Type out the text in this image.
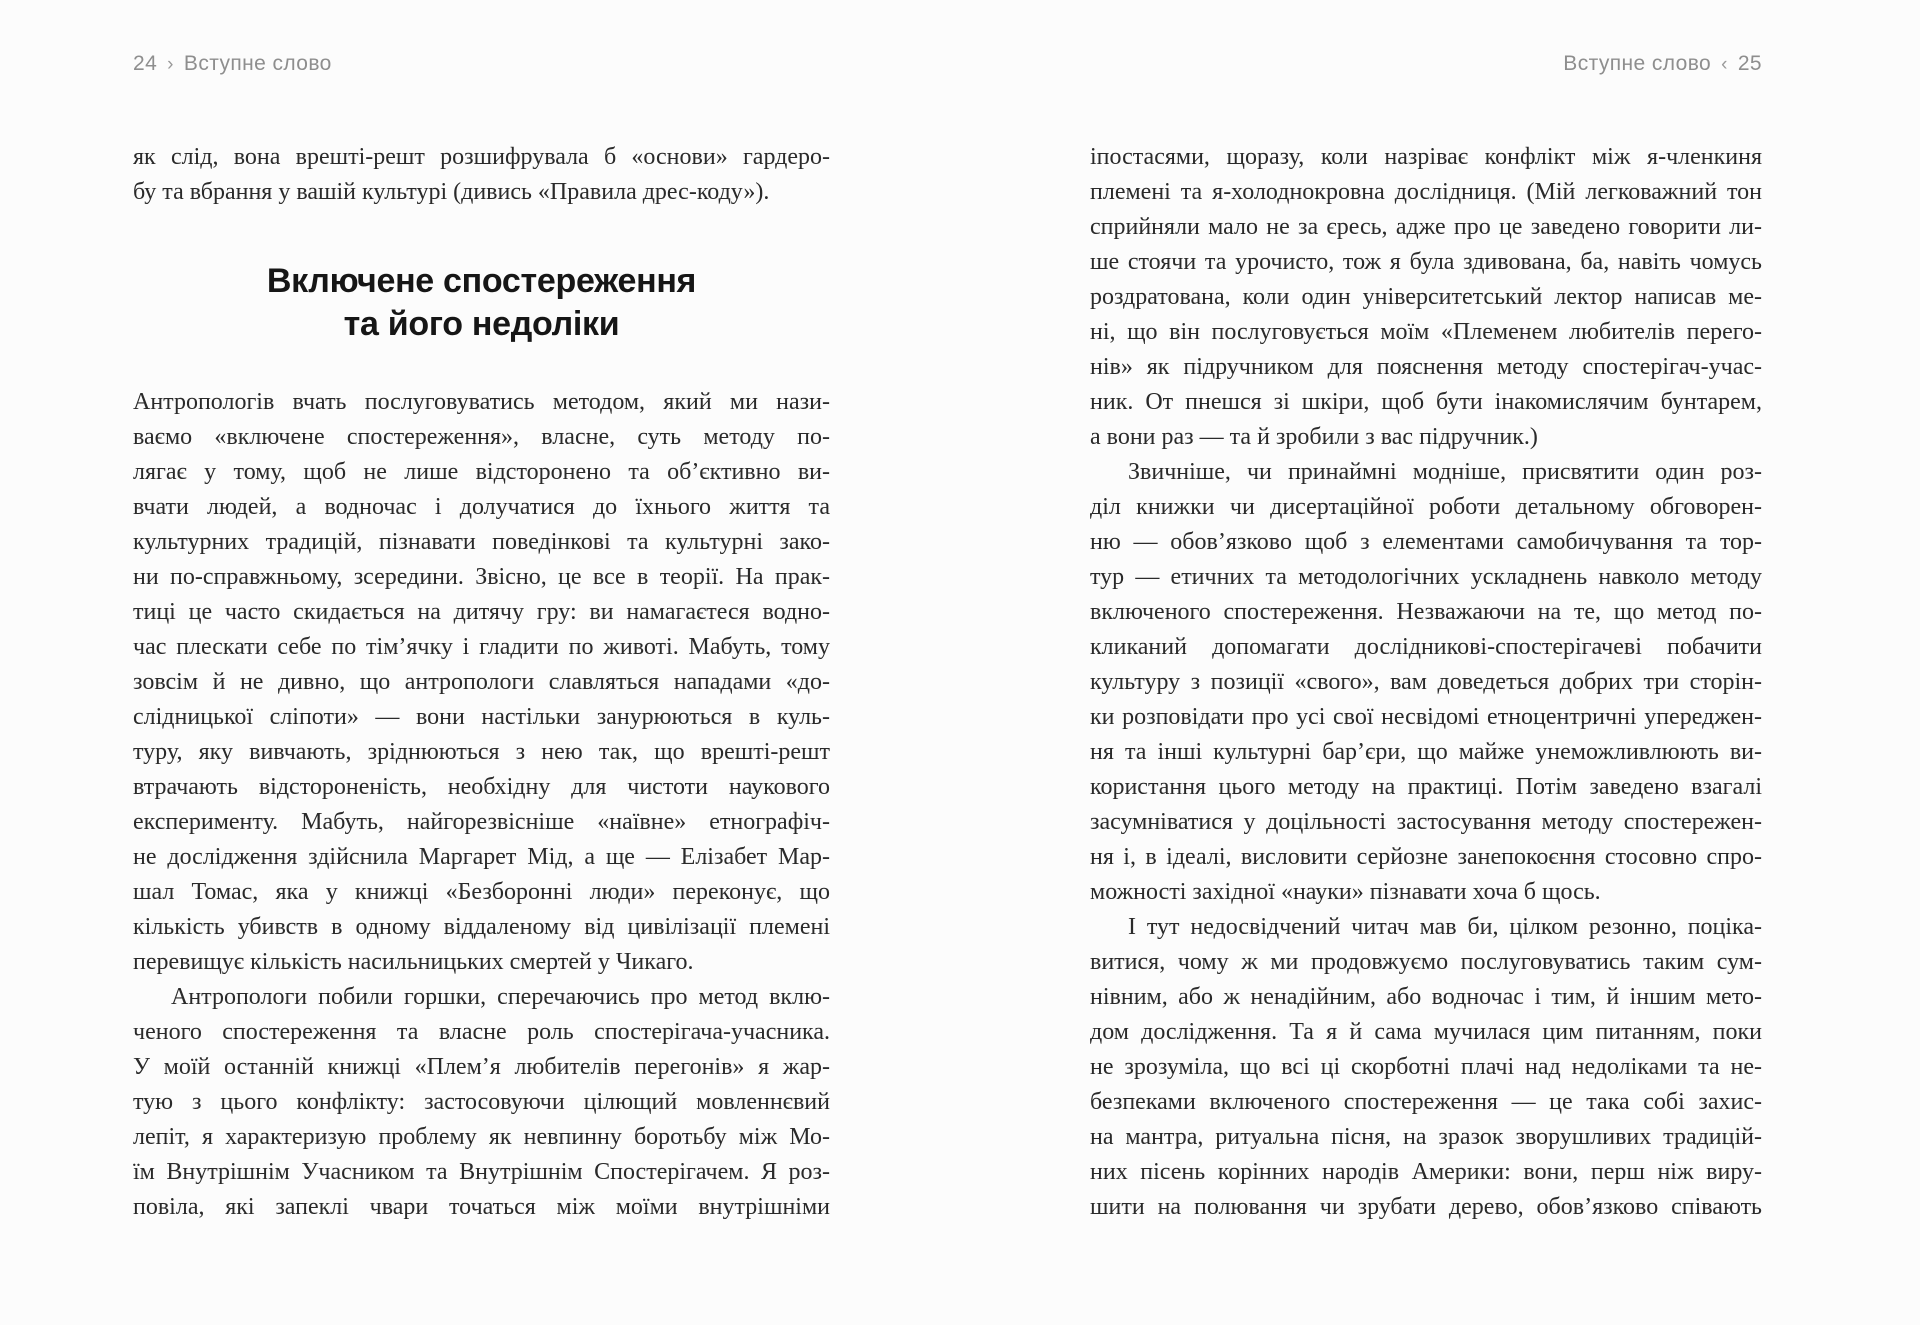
24 › Вступне слово	Вступне слово ‹ 25
як слід, вона врешті-решт розшифрувала б «основи» гардеро-
бу та вбрання у вашій культурі (дивись «Правила дрес-коду»).
Включене спостереження
та його недоліки
Антропологів вчать послуговуватись методом, який ми нази-
ваємо «включене спостереження», власне, суть методу по-
лягає у тому, щоб не лише відсторонено та об’єктивно ви-
вчати людей, а водночас і долучатися до їхнього життя та
культурних традицій, пізнавати поведінкові та культурні зако-
ни по-справжньому, зсередини. Звісно, це все в теорії. На прак-
тиці це часто скидається на дитячу гру: ви намагаєтеся водно-
час плескати себе по тім’ячку і гладити по животі. Мабуть, тому
зовсім й не дивно, що антропологи славляться нападами «до-
слідницької сліпоти» — вони настільки занурюються в куль-
туру, яку вивчають, зріднюються з нею так, що врешті-решт
втрачають відстороненість, необхідну для чистоти наукового
експерименту. Мабуть, найгорезвісніше «наївне» етнографіч-
не дослідження здійснила Маргарет Мід, а ще — Елізабет Мар-
шал Томас, яка у книжці «Безборонні люди» переконує, що
кількість убивств в одному віддаленому від цивілізації племені
перевищує кількість насильницьких смертей у Чикаго.
Антропологи побили горшки, сперечаючись про метод вклю-
ченого спостереження та власне роль спостерігача-учасника.
У моїй останній книжці «Плем’я любителів перегонів» я жар-
тую з цього конфлікту: застосовуючи цілющий мовленнєвий
лепіт, я характеризую проблему як невпинну боротьбу між Мо-
їм Внутрішнім Учасником та Внутрішнім Спостерігачем. Я роз-
повіла, які запеклі чвари точаться між моїми внутрішніми
іпостасями, щоразу, коли назріває конфлікт між я-членкиня
племені та я-холоднокровна дослідниця. (Мій легковажний тон
сприйняли мало не за єресь, адже про це заведено говорити ли-
ше стоячи та урочисто, тож я була здивована, ба, навіть чомусь
роздратована, коли один університетський лектор написав ме-
ні, що він послуговується моїм «Племенем любителів перего-
нів» як підручником для пояснення методу спостерігач-учас-
ник. От пнешся зі шкіри, щоб бути інакомислячим бунтарем,
а вони раз — та й зробили з вас підручник.)
Звичніше, чи принаймні модніше, присвятити один роз-
діл книжки чи дисертаційної роботи детальному обговорен-
ню — обов’язково щоб з елементами самобичування та тор-
тур — етичних та методологічних ускладнень навколо методу
включеного спостереження. Незважаючи на те, що метод по-
кликаний допомагати дослідникові-спостерігачеві побачити
культуру з позиції «свого», вам доведеться добрих три сторін-
ки розповідати про усі свої несвідомі етноцентричні упереджен-
ня та інші культурні бар’єри, що майже унеможливлюють ви-
користання цього методу на практиці. Потім заведено взагалі
засумніватися у доцільності застосування методу спостережен-
ня і, в ідеалі, висловити серйозне занепокоєння стосовно спро-
можності західної «науки» пізнавати хоча б щось.
І тут недосвідчений читач мав би, цілком резонно, поціка-
витися, чому ж ми продовжуємо послуговуватись таким сум-
нівним, або ж ненадійним, або водночас і тим, й іншим мето-
дом дослідження. Та я й сама мучилася цим питанням, поки
не зрозуміла, що всі ці скорботні плачі над недоліками та не-
безпеками включеного спостереження — це така собі захис-
на мантра, ритуальна пісня, на зразок зворушливих традицій-
них пісень корінних народів Америки: вони, перш ніж виру-
шити на полювання чи зрубати дерево, обов’язково співають
